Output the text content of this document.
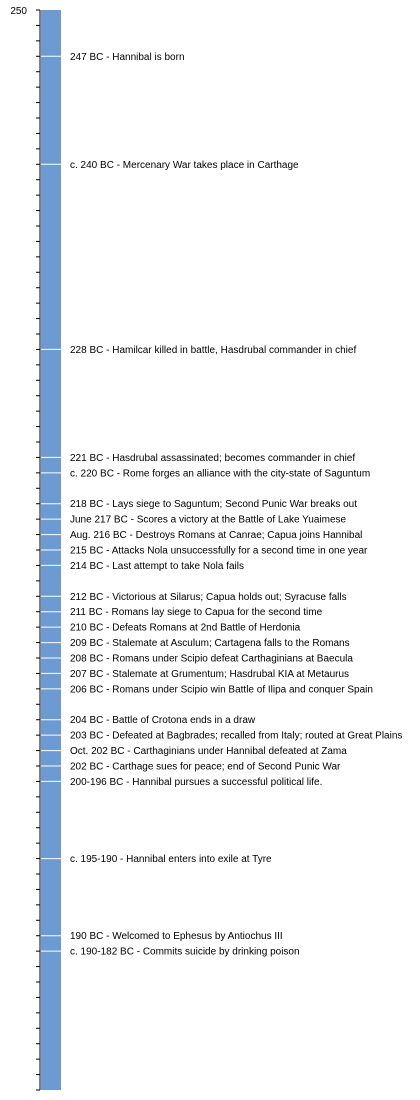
250
247 BC - Hannibal is born
c. 240 BC - Mercenary War takes place in Carthage
228 BC - Hamilcar killed in battle, Hasdrubal commander in chief
221 BC - Hasdrubal assassinated; becomes commander in chief
c. 220 BC - Rome forges an alliance with the city-state of Saguntum
218 BC - Lays siege to Saguntum; Second Punic War breaks out
June 217 BC - Scores a victory at the Battle of Lake Yuaimese
Aug. 216 BC - Destroys Romans at Canrae; Capua joins Hannibal
215 BC - Attacks Nola unsuccessfully for a second time in one year
214 BC - Last attempt to take Nola fails
212 BC - Victorious at Silarus; Capua holds out; Syracuse falls
211 BC - Romans lay siege to Capua for the second time
210 BC - Defeats Romans at 2nd Battle of Herdonia
209 BC - Stalemate at Asculum; Cartagena falls to the Romans
208 BC - Romans under Scipio defeat Carthaginians at Baecula
207 BC - Stalemate at Grumentum; Hasdrubal KIA at Metaurus
206 BC - Romans under Scipio win Battle of Ilipa and conquer Spain
204 BC - Battle of Crotona ends in a draw
203 BC - Defeated at Bagbrades; recalled from Italy; routed at Great Plains
Oct. 202 BC - Carthaginians under Hannibal defeated at Zama
202 BC - Carthage sues for peace; end of Second Punic War
200-196 BC - Hannibal pursues a successful political life.
c. 195-190 - Hannibal enters into exile at Tyre
190 BC - Welcomed to Ephesus by Antiochus III
c. 190-182 BC - Commits suicide by drinking poison
